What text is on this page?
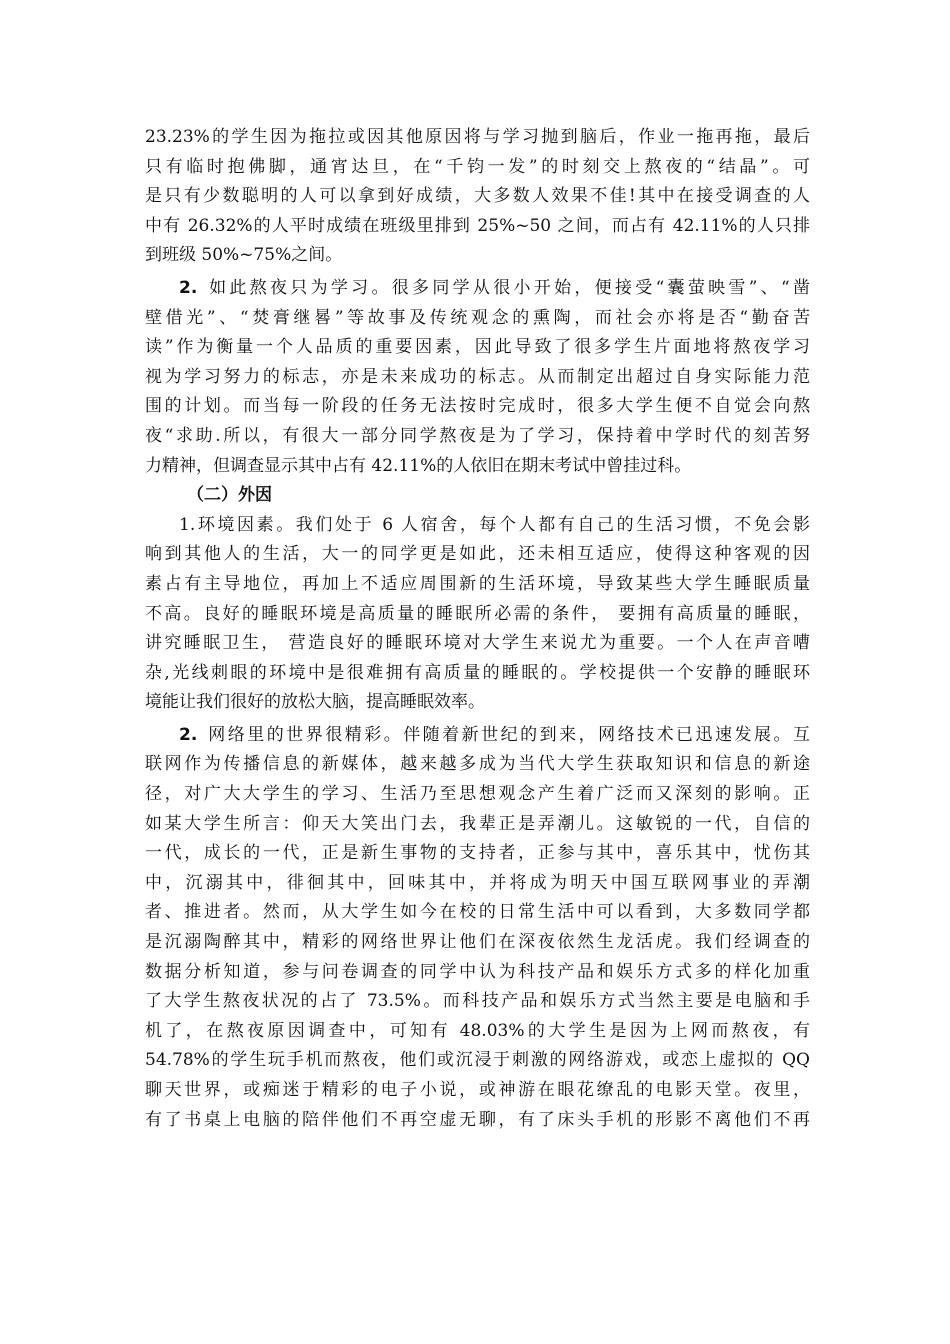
23.23%的学生因为拖拉或因其他原因将与学习抛到脑后，作业一拖再拖，最后
只有临时抱佛脚，通宵达旦，在“千钧一发”的时刻交上熬夜的“结晶”。可
是只有少数聪明的人可以拿到好成绩，大多数人效果不佳!其中在接受调查的人
中有 26.32%的人平时成绩在班级里排到 25%~50 之间，而占有 42.11%的人只排
到班级 50%~75%之间。
2.  如此熬夜只为学习。很多同学从很小开始，便接受“囊萤映雪”、“凿
壁借光”、“焚膏继晷”等故事及传统观念的熏陶，而社会亦将是否“勤奋苦
读”作为衡量一个人品质的重要因素，因此导致了很多学生片面地将熬夜学习
视为学习努力的标志，亦是未来成功的标志。从而制定出超过自身实际能力范
围的计划。而当每一阶段的任务无法按时完成时，很多大学生便不自觉会向熬
夜“求助.所以，有很大一部分同学熬夜是为了学习，保持着中学时代的刻苦努
力精神，但调查显示其中占有 42.11%的人依旧在期末考试中曾挂过科。
（二）外因
1.环境因素。我们处于 6 人宿舍，每个人都有自己的生活习惯，不免会影
响到其他人的生活，大一的同学更是如此，还未相互适应，使得这种客观的因
素占有主导地位，再加上不适应周围新的生活环境，导致某些大学生睡眠质量
不高。良好的睡眠环境是高质量的睡眠所必需的条件， 要拥有高质量的睡眠，
讲究睡眠卫生， 营造良好的睡眠环境对大学生来说尤为重要。一个人在声音嘈
杂,光线刺眼的环境中是很难拥有高质量的睡眠的。学校提供一个安静的睡眠环
境能让我们很好的放松大脑，提高睡眠效率。
2.  网络里的世界很精彩。伴随着新世纪的到来，网络技术已迅速发展。互
联网作为传播信息的新媒体，越来越多成为当代大学生获取知识和信息的新途
径，对广大大学生的学习、生活乃至思想观念产生着广泛而又深刻的影响。正
如某大学生所言：仰天大笑出门去，我辈正是弄潮儿。这敏锐的一代，自信的
一代，成长的一代，正是新生事物的支持者，正参与其中，喜乐其中，忧伤其
中，沉溺其中，徘徊其中，回味其中，并将成为明天中国互联网事业的弄潮
者、推进者。然而，从大学生如今在校的日常生活中可以看到，大多数同学都
是沉溺陶醉其中，精彩的网络世界让他们在深夜依然生龙活虎。我们经调查的
数据分析知道，参与问卷调查的同学中认为科技产品和娱乐方式多的样化加重
了大学生熬夜状况的占了 73.5%。而科技产品和娱乐方式当然主要是电脑和手
机了，在熬夜原因调查中，可知有 48.03%的大学生是因为上网而熬夜，有
54.78%的学生玩手机而熬夜，他们或沉浸于刺激的网络游戏，或恋上虚拟的 QQ
聊天世界，或痴迷于精彩的电子小说，或神游在眼花缭乱的电影天堂。夜里，
有了书桌上电脑的陪伴他们不再空虚无聊，有了床头手机的形影不离他们不再
